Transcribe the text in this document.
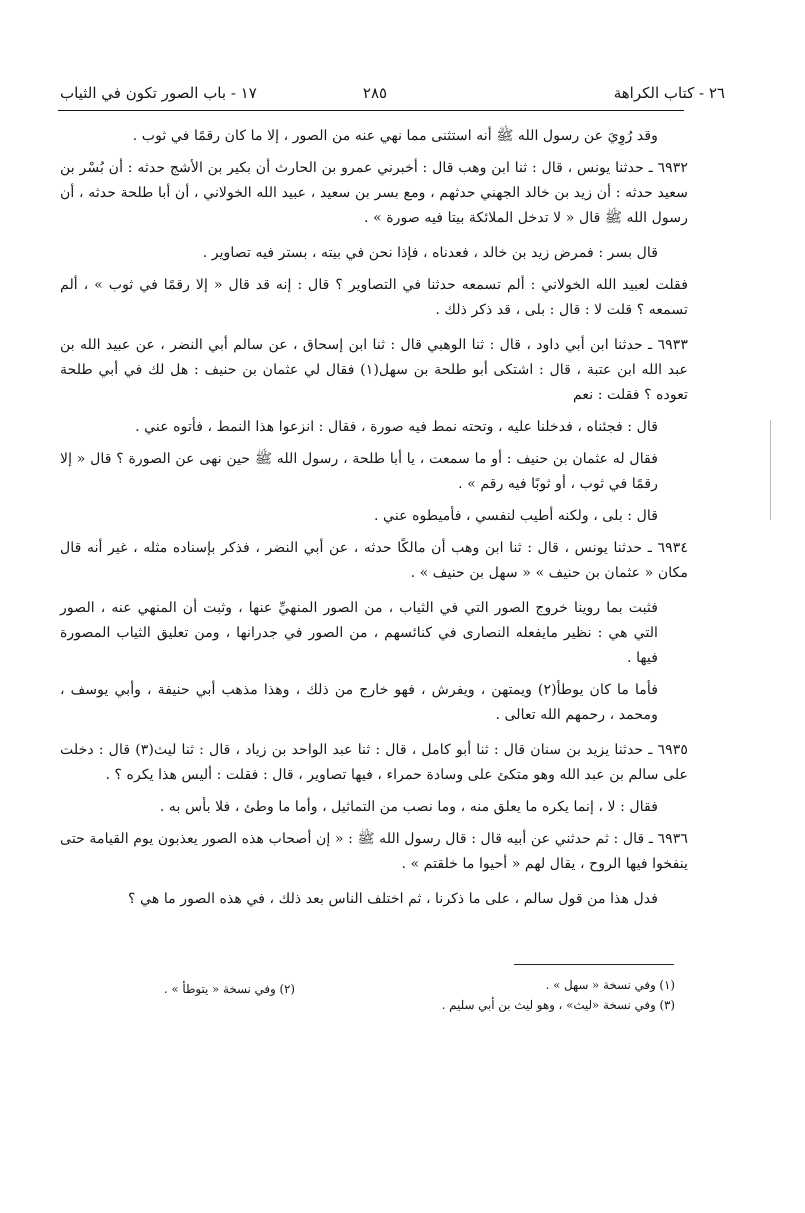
٢٦ - كتاب الكراهة
٢٨٥
١٧ - باب الصور تكون في الثياب

وقد رُوِيَ عن رسول الله ﷺ أنه استثنى مما نهي عنه من الصور ، إلا ما كان رقمًا في ثوب .

٦٩٣٢ ـ حدثنا يونس ، قال : ثنا ابن وهب قال : أخبرني عمرو بن الحارث أن بكير بن الأشج حدثه : أن بُسْر بن سعيد حدثه : أن زيد بن خالد الجهني حدثهم ، ومع بسر بن سعيد ، عبيد الله الخولاني ، أن أبا طلحة حدثه ، أن رسول الله ﷺ قال « لا تدخل الملائكة بيتا فيه صورة » .

قال بسر : فمرض زيد بن خالد ، فعدناه ، فإذا نحن في بيته ، بستر فيه تصاوير .

فقلت لعبيد الله الخولاني : ألم تسمعه حدثنا في التصاوير ؟ قال : إنه قد قال « إلا رقمًا في ثوب » ، ألم تسمعه ؟ قلت لا : قال : بلى ، قد ذكر ذلك .

٦٩٣٣ ـ حدثنا ابن أبي داود ، قال : ثنا الوهبي قال : ثنا ابن إسحاق ، عن سالم أبي النضر ، عن عبيد الله بن عبد الله ابن عتبة ، قال : اشتكى أبو طلحة بن سهل(١) فقال لي عثمان بن حنيف : هل لك في أبي طلحة تعوده ؟ فقلت : نعم

قال : فجئناه ، فدخلنا عليه ، وتحته نمط فيه صورة ، فقال : انزعوا هذا النمط ، فأتوه عني .

فقال له عثمان بن حنيف : أو ما سمعت ، يا أبا طلحة ، رسول الله ﷺ حين نهى عن الصورة ؟ قال « إلا رقمًا في ثوب ، أو ثوبًا فيه رقم » .

قال : بلى ، ولكنه أطيب لنفسي ، فأميطوه عني .

٦٩٣٤ ـ حدثنا يونس ، قال : ثنا ابن وهب أن مالكًا حدثه ، عن أبي النضر ، فذكر بإسناده مثله ، غير أنه قال مكان « عثمان بن حنيف » « سهل بن حنيف » .

فثبت بما روينا خروج الصور التي في الثياب ، من الصور المنهيِّ عنها ، وثبت أن المنهي عنه ، الصور التي هي : نظير مايفعله النصارى في كنائسهم ، من الصور في جدرانها ، ومن تعليق الثياب المصورة فيها .

فأما ما كان يوطأ(٢) ويمتهن ، ويفرش ، فهو خارج من ذلك ، وهذا مذهب أبي حنيفة ، وأبي يوسف ، ومحمد ، رحمهم الله تعالى .

٦٩٣٥ ـ حدثنا يزيد بن سنان قال : ثنا أبو كامل ، قال : ثنا عبد الواحد بن زياد ، قال : ثنا ليث(٣) قال : دخلت على سالم بن عبد الله وهو متكئ على وسادة حمراء ، فيها تصاوير ، قال : فقلت : أليس هذا يكره ؟ .

فقال : لا ، إنما يكره ما يعلق منه ، وما نصب من التماثيل ، وأما ما وطئ ، فلا بأس به .

٦٩٣٦ ـ قال : ثم حدثني عن أبيه قال : قال رسول الله ﷺ : « إن أصحاب هذه الصور يعذبون يوم القيامة حتى ينفخوا فيها الروح ، يقال لهم « أحيوا ما خلقتم » .

فدل هذا من قول سالم ، على ما ذكرنا ، ثم اختلف الناس بعد ذلك ، في هذه الصور ما هي ؟

(١) وفي نسخة « سهل » .
(٢) وفي نسخة « يتوطأ » .
(٣) وفي نسخة «ليث» ، وهو ليث بن أبي سليم .
